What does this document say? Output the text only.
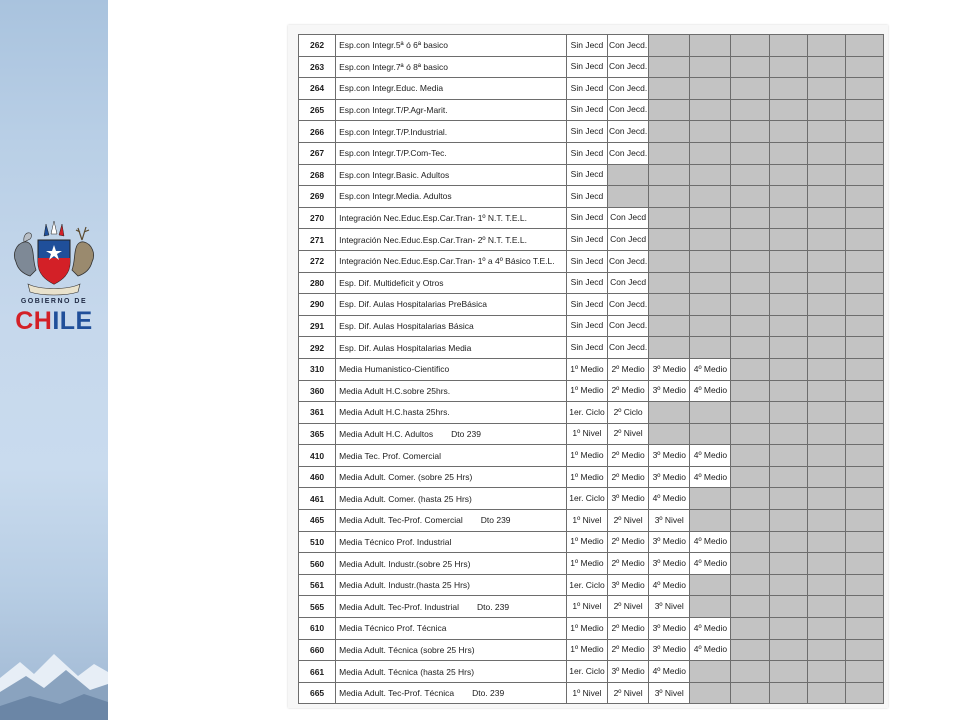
GOBIERNO DE
CHILE
262	Esp.con Integr.5ª ó 6ª basico	Sin Jecd	Con Jecd.						
263	Esp.con Integr.7ª ó 8ª basico	Sin Jecd	Con Jecd.						
264	Esp.con Integr.Educ. Media	Sin Jecd	Con Jecd.						
265	Esp.con Integr.T/P.Agr-Marit.	Sin Jecd	Con Jecd.						
266	Esp.con Integr.T/P.Industrial.	Sin Jecd	Con Jecd.						
267	Esp.con Integr.T/P.Com-Tec.	Sin Jecd	Con Jecd.						
268	Esp.con Integr.Basic. Adultos	Sin Jecd							
269	Esp.con Integr.Media. Adultos	Sin Jecd							
270	Integración Nec.Educ.Esp.Car.Tran- 1º N.T. T.E.L.	Sin Jecd	Con Jecd						
271	Integración Nec.Educ.Esp.Car.Tran- 2º N.T. T.E.L.	Sin Jecd	Con Jecd						
272	Integración Nec.Educ.Esp.Car.Tran- 1º a 4º Básico T.E.L.	Sin Jecd	Con Jecd.						
280	Esp. Dif. Multideficit y Otros	Sin Jecd	Con Jecd						
290	Esp. Dif. Aulas Hospitalarias PreBásica	Sin Jecd	Con Jecd.						
291	Esp. Dif. Aulas Hospitalarias Básica	Sin Jecd	Con Jecd.						
292	Esp. Dif. Aulas Hospitalarias Media	Sin Jecd	Con Jecd.						
310	Media Humanistico-Cientifico	1º Medio	2º Medio	3º Medio	4º Medio				
360	Media Adult H.C.sobre 25hrs.	1º Medio	2º Medio	3º Medio	4º Medio				
361	Media Adult H.C.hasta 25hrs.	1er. Ciclo	2º Ciclo						
365	Media Adult H.C. Adultos Dto 239	1º Nivel	2º Nivel						
410	Media Tec. Prof. Comercial	1º Medio	2º Medio	3º Medio	4º Medio				
460	Media Adult. Comer. (sobre 25 Hrs)	1º Medio	2º Medio	3º Medio	4º Medio				
461	Media Adult. Comer. (hasta 25 Hrs)	1er. Ciclo	3º Medio	4º Medio					
465	Media Adult. Tec-Prof. Comercial Dto 239	1º Nivel	2º Nivel	3º Nivel					
510	Media Técnico Prof. Industrial	1º Medio	2º Medio	3º Medio	4º Medio				
560	Media Adult. Industr.(sobre 25 Hrs)	1º Medio	2º Medio	3º Medio	4º Medio				
561	Media Adult. Industr.(hasta 25 Hrs)	1er. Ciclo	3º Medio	4º Medio					
565	Media Adult. Tec-Prof. Industrial Dto. 239	1º Nivel	2º Nivel	3º Nivel					
610	Media Técnico Prof. Técnica	1º Medio	2º Medio	3º Medio	4º Medio				
660	Media Adult. Técnica (sobre 25 Hrs)	1º Medio	2º Medio	3º Medio	4º Medio				
661	Media Adult. Técnica (hasta 25 Hrs)	1er. Ciclo	3º Medio	4º Medio					
665	Media Adult. Tec-Prof. Técnica Dto. 239	1º Nivel	2º Nivel	3º Nivel					
